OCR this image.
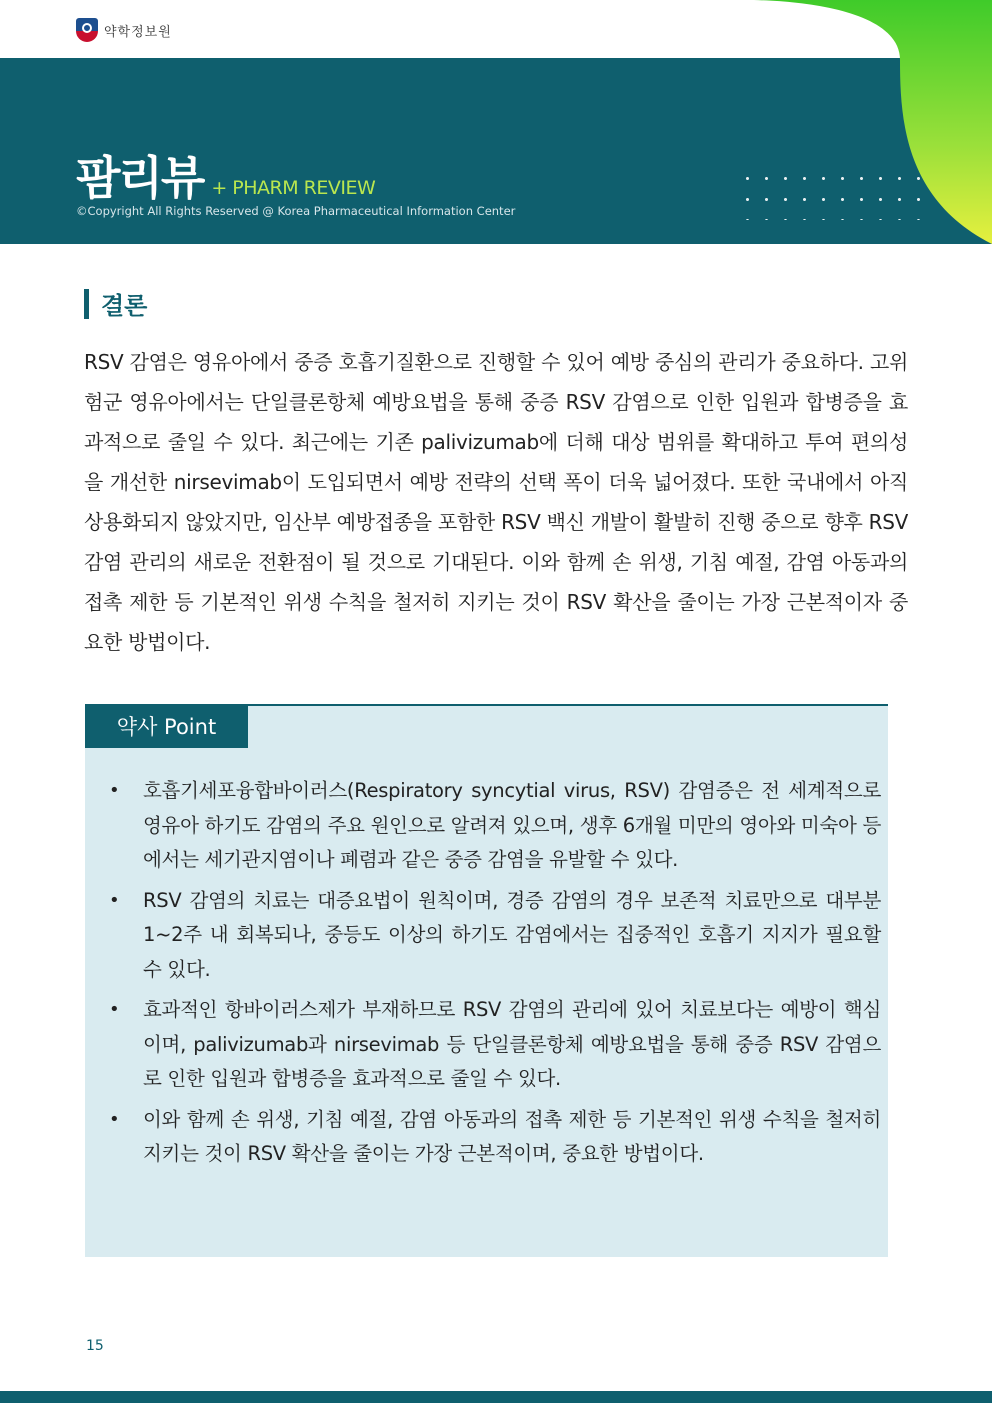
약학정보원
팜리뷰 + PHARM REVIEW
©Copyright All Rights Reserved @ Korea Pharmaceutical Information Center
결론

RSV 감염은 영유아에서 중증 호흡기질환으로 진행할 수 있어 예방 중심의 관리가 중요하다. 고위험군 영유아에서는 단일클론항체 예방요법을 통해 중증 RSV 감염으로 인한 입원과 합병증을 효과적으로 줄일 수 있다. 최근에는 기존 palivizumab에 더해 대상 범위를 확대하고 투여 편의성을 개선한 nirsevimab이 도입되면서 예방 전략의 선택 폭이 더욱 넓어졌다. 또한 국내에서 아직 상용화되지 않았지만, 임산부 예방접종을 포함한 RSV 백신 개발이 활발히 진행 중으로 향후 RSV 감염 관리의 새로운 전환점이 될 것으로 기대된다. 이와 함께 손 위생, 기침 예절, 감염 아동과의 접촉 제한 등 기본적인 위생 수칙을 철저히 지키는 것이 RSV 확산을 줄이는 가장 근본적이자 중요한 방법이다.

약사 Point
• 호흡기세포융합바이러스(Respiratory syncytial virus, RSV) 감염증은 전 세계적으로 영유아 하기도 감염의 주요 원인으로 알려져 있으며, 생후 6개월 미만의 영아와 미숙아 등에서는 세기관지염이나 폐렴과 같은 중증 감염을 유발할 수 있다.
• RSV 감염의 치료는 대증요법이 원칙이며, 경증 감염의 경우 보존적 치료만으로 대부분 1~2주 내 회복되나, 중등도 이상의 하기도 감염에서는 집중적인 호흡기 지지가 필요할 수 있다.
• 효과적인 항바이러스제가 부재하므로 RSV 감염의 관리에 있어 치료보다는 예방이 핵심이며, palivizumab과 nirsevimab 등 단일클론항체 예방요법을 통해 중증 RSV 감염으로 인한 입원과 합병증을 효과적으로 줄일 수 있다.
• 이와 함께 손 위생, 기침 예절, 감염 아동과의 접촉 제한 등 기본적인 위생 수칙을 철저히 지키는 것이 RSV 확산을 줄이는 가장 근본적이며, 중요한 방법이다.
15
